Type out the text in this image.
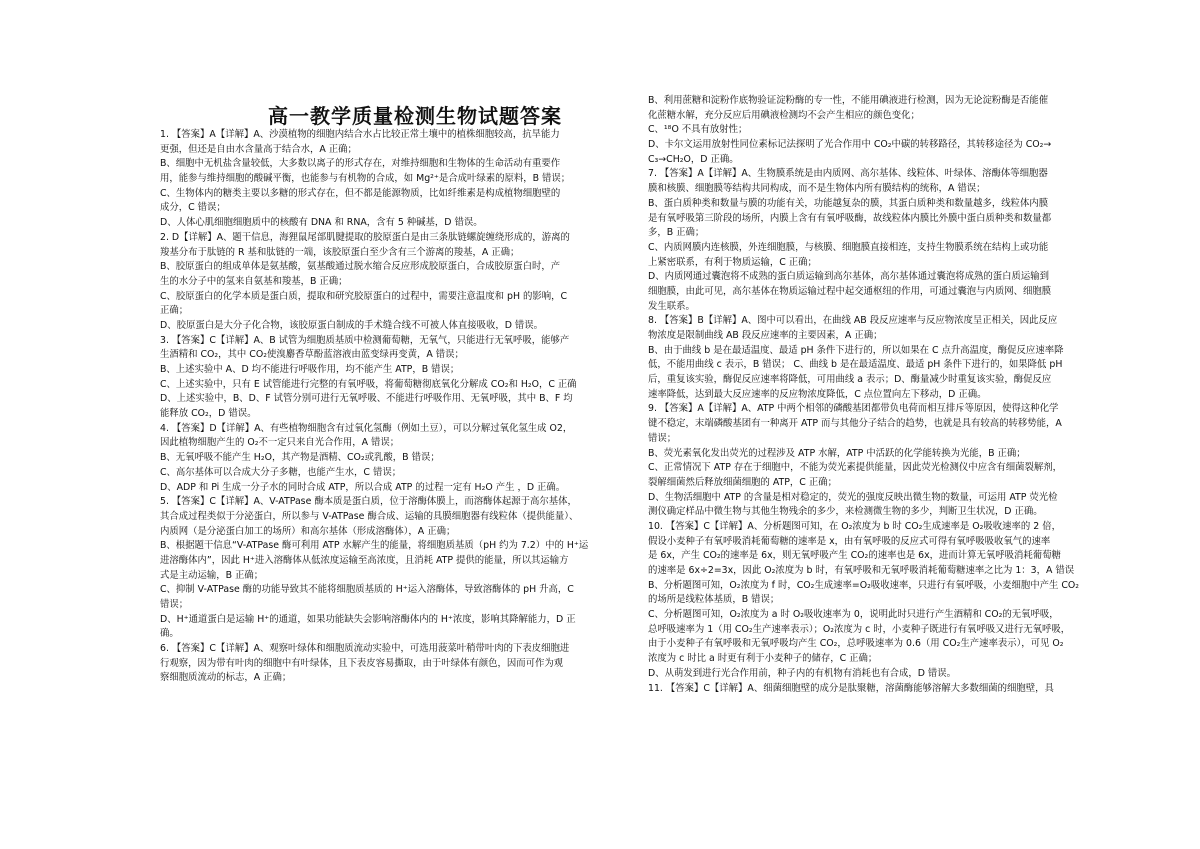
高一教学质量检测生物试题答案
1. 【答案】A【详解】A、沙漠植物的细胞内结合水占比较正常土壤中的植株细胞较高，抗旱能力
更强，但还是自由水含量高于结合水，A 正确；
B、细胞中无机盐含量较低，大多数以离子的形式存在，对维持细胞和生物体的生命活动有重要作
用，能参与维持细胞的酸碱平衡，也能参与有机物的合成，如 Mg²⁺是合成叶绿素的原料，B 错误；
C、生物体内的糖类主要以多糖的形式存在，但不都是能源物质，比如纤维素是构成植物细胞壁的
成分，C 错误；
D、人体心肌细胞细胞质中的核酸有 DNA 和 RNA，含有 5 种碱基，D 错误。
2. D【详解】A、题干信息，海狸鼠尾部肌腱提取的胶原蛋白是由三条肽链螺旋缠绕形成的，游离的
羧基分布于肽链的 R 基和肽链的一端，该胶原蛋白至少含有三个游离的羧基，A 正确；
B、胶原蛋白的组成单体是氨基酸，氨基酸通过脱水缩合反应形成胶原蛋白，合成胶原蛋白时，产
生的水分子中的氢来自氨基和羧基，B 正确；
C、胶原蛋白的化学本质是蛋白质，提取和研究胶原蛋白的过程中，需要注意温度和 pH 的影响，C
正确；
D、胶原蛋白是大分子化合物，该胶原蛋白制成的手术缝合线不可被人体直接吸收，D 错误。
3. 【答案】C【详解】A、B 试管为细胞质基质中检测葡萄糖，无氧气，只能进行无氧呼吸，能够产
生酒精和 CO₂，其中 CO₂使溴麝香草酚蓝溶液由蓝变绿再变黄，A 错误；
B、上述实验中 A、D 均不能进行呼吸作用，均不能产生 ATP，B 错误；
C、上述实验中，只有 E 试管能进行完整的有氧呼吸，将葡萄糖彻底氧化分解成 CO₂和 H₂O，C 正确
D、上述实验中，B、D、F 试管分别可进行无氧呼吸、不能进行呼吸作用、无氧呼吸，其中 B、F 均
能释放 CO₂，D 错误。
4. 【答案】D【详解】A、有些植物细胞含有过氧化氢酶（例如土豆），可以分解过氧化氢生成 O2，
因此植物细胞产生的 O₂不一定只来自光合作用，A 错误；
B、无氧呼吸不能产生 H₂O，其产物是酒精、CO₂或乳酸，B 错误；
C、高尔基体可以合成大分子多糖，也能产生水，C 错误；
D、ADP 和 Pi 生成一分子水的同时合成 ATP，所以合成 ATP 的过程一定有 H₂O 产生 ，D 正确。
5. 【答案】C【详解】A、V-ATPase 酶本质是蛋白质，位于溶酶体膜上，而溶酶体起源于高尔基体，
其合成过程类似于分泌蛋白，所以参与 V-ATPase 酶合成、运输的具膜细胞器有线粒体（提供能量）、
内质网（是分泌蛋白加工的场所）和高尔基体（形成溶酶体），A 正确；
B、根据题干信息“V-ATPase 酶可利用 ATP 水解产生的能量，将细胞质基质（pH 约为 7.2）中的 H⁺运
进溶酶体内”，因此 H⁺进入溶酶体从低浓度运输至高浓度，且消耗 ATP 提供的能量，所以其运输方
式是主动运输，B 正确；
C、抑制 V-ATPase 酶的功能导致其不能将细胞质基质的 H⁺运入溶酶体，导致溶酶体的 pH 升高，C
错误；
D、H⁺通道蛋白是运输 H⁺的通道，如果功能缺失会影响溶酶体内的 H⁺浓度，影响其降解能力，D 正
确。
6. 【答案】C【详解】A、观察叶绿体和细胞质流动实验中，可选用菠菜叶稍带叶肉的下表皮细胞进
行观察，因为带有叶肉的细胞中有叶绿体，且下表皮容易撕取，由于叶绿体有颜色，因而可作为观
察细胞质流动的标志，A 正确；
B、利用蔗糖和淀粉作底物验证淀粉酶的专一性，不能用碘液进行检测，因为无论淀粉酶是否能催
化蔗糖水解，充分反应后用碘液检测均不会产生相应的颜色变化；
C、¹⁸O 不具有放射性；
D、卡尔文运用放射性同位素标记法探明了光合作用中 CO₂中碳的转移路径，其转移途径为 CO₂→
C₃→CH₂O，D 正确。
7. 【答案】A【详解】A、生物膜系统是由内质网、高尔基体、线粒体、叶绿体、溶酶体等细胞器
膜和核膜、细胞膜等结构共同构成，而不是生物体内所有膜结构的统称，A 错误；
B、蛋白质种类和数量与膜的功能有关，功能越复杂的膜，其蛋白质种类和数量越多，线粒体内膜
是有氧呼吸第三阶段的场所，内膜上含有有氧呼吸酶，故线粒体内膜比外膜中蛋白质种类和数量都
多，B 正确；
C、内质网膜内连核膜，外连细胞膜，与核膜、细胞膜直接相连，支持生物膜系统在结构上或功能
上紧密联系，有利于物质运输，C 正确；
D、内质网通过囊泡将不成熟的蛋白质运输到高尔基体，高尔基体通过囊泡将成熟的蛋白质运输到
细胞膜，由此可见，高尔基体在物质运输过程中起交通枢纽的作用，可通过囊泡与内质网、细胞膜
发生联系。
8. 【答案】B【详解】A、图中可以看出，在曲线 AB 段反应速率与反应物浓度呈正相关，因此反应
物浓度是限制曲线 AB 段反应速率的主要因素，A 正确；
B、由于曲线 b 是在最适温度、最适 pH 条件下进行的，所以如果在 C 点升高温度，酶促反应速率降
低，不能用曲线 c 表示，B 错误； C、曲线 b 是在最适温度、最适 pH 条件下进行的，如果降低 pH
后，重复该实验，酶促反应速率将降低，可用曲线 a 表示；D、酶量减少时重复该实验，酶促反应
速率降低，达到最大反应速率的反应物浓度降低，C 点位置向左下移动，D 正确。
9. 【答案】A【详解】A、ATP 中两个相邻的磷酸基团都带负电荷而相互排斥等原因，使得这种化学
键不稳定，末端磷酸基团有一种离开 ATP 而与其他分子结合的趋势，也就是具有较高的转移势能，A
错误；
B、荧光素氧化发出荧光的过程涉及 ATP 水解，ATP 中活跃的化学能转换为光能，B 正确；
C、正常情况下 ATP 存在于细胞中，不能为荧光素提供能量，因此荧光检测仪中应含有细菌裂解剂，
裂解细菌然后释放细菌细胞的 ATP，C 正确；
D、生物活细胞中 ATP 的含量是相对稳定的，荧光的强度反映出微生物的数量，可运用 ATP 荧光检
测仪确定样品中微生物与其他生物残余的多少，来检测微生物的多少，判断卫生状况，D 正确。
10. 【答案】C【详解】A、分析题图可知，在 O₂浓度为 b 时 CO₂生成速率是 O₂吸收速率的 2 倍，
假设小麦种子有氧呼吸消耗葡萄糖的速率是 x，由有氧呼吸的反应式可得有氧呼吸吸收氧气的速率
是 6x，产生 CO₂的速率是 6x，则无氧呼吸产生 CO₂的速率也是 6x，进而计算无氧呼吸消耗葡萄糖
的速率是 6x÷2=3x，因此 O₂浓度为 b 时，有氧呼吸和无氧呼吸消耗葡萄糖速率之比为 1：3，A 错误
B、分析题图可知，O₂浓度为 f 时，CO₂生成速率=O₂吸收速率，只进行有氧呼吸，小麦细胞中产生 CO₂
的场所是线粒体基质，B 错误；
C、分析题图可知，O₂浓度为 a 时 O₂吸收速率为 0，说明此时只进行产生酒精和 CO₂的无氧呼吸，
总呼吸速率为 1（用 CO₂生产速率表示）；O₂浓度为 c 时，小麦种子既进行有氧呼吸又进行无氧呼吸，
由于小麦种子有氧呼吸和无氧呼吸均产生 CO₂，总呼吸速率为 0.6（用 CO₂生产速率表示），可见 O₂
浓度为 c 时比 a 时更有利于小麦种子的储存，C 正确；
D、从萌发到进行光合作用前，种子内的有机物有消耗也有合成，D 错误。
11. 【答案】C【详解】A、细菌细胞壁的成分是肽聚糖，溶菌酶能够溶解大多数细菌的细胞壁，具
